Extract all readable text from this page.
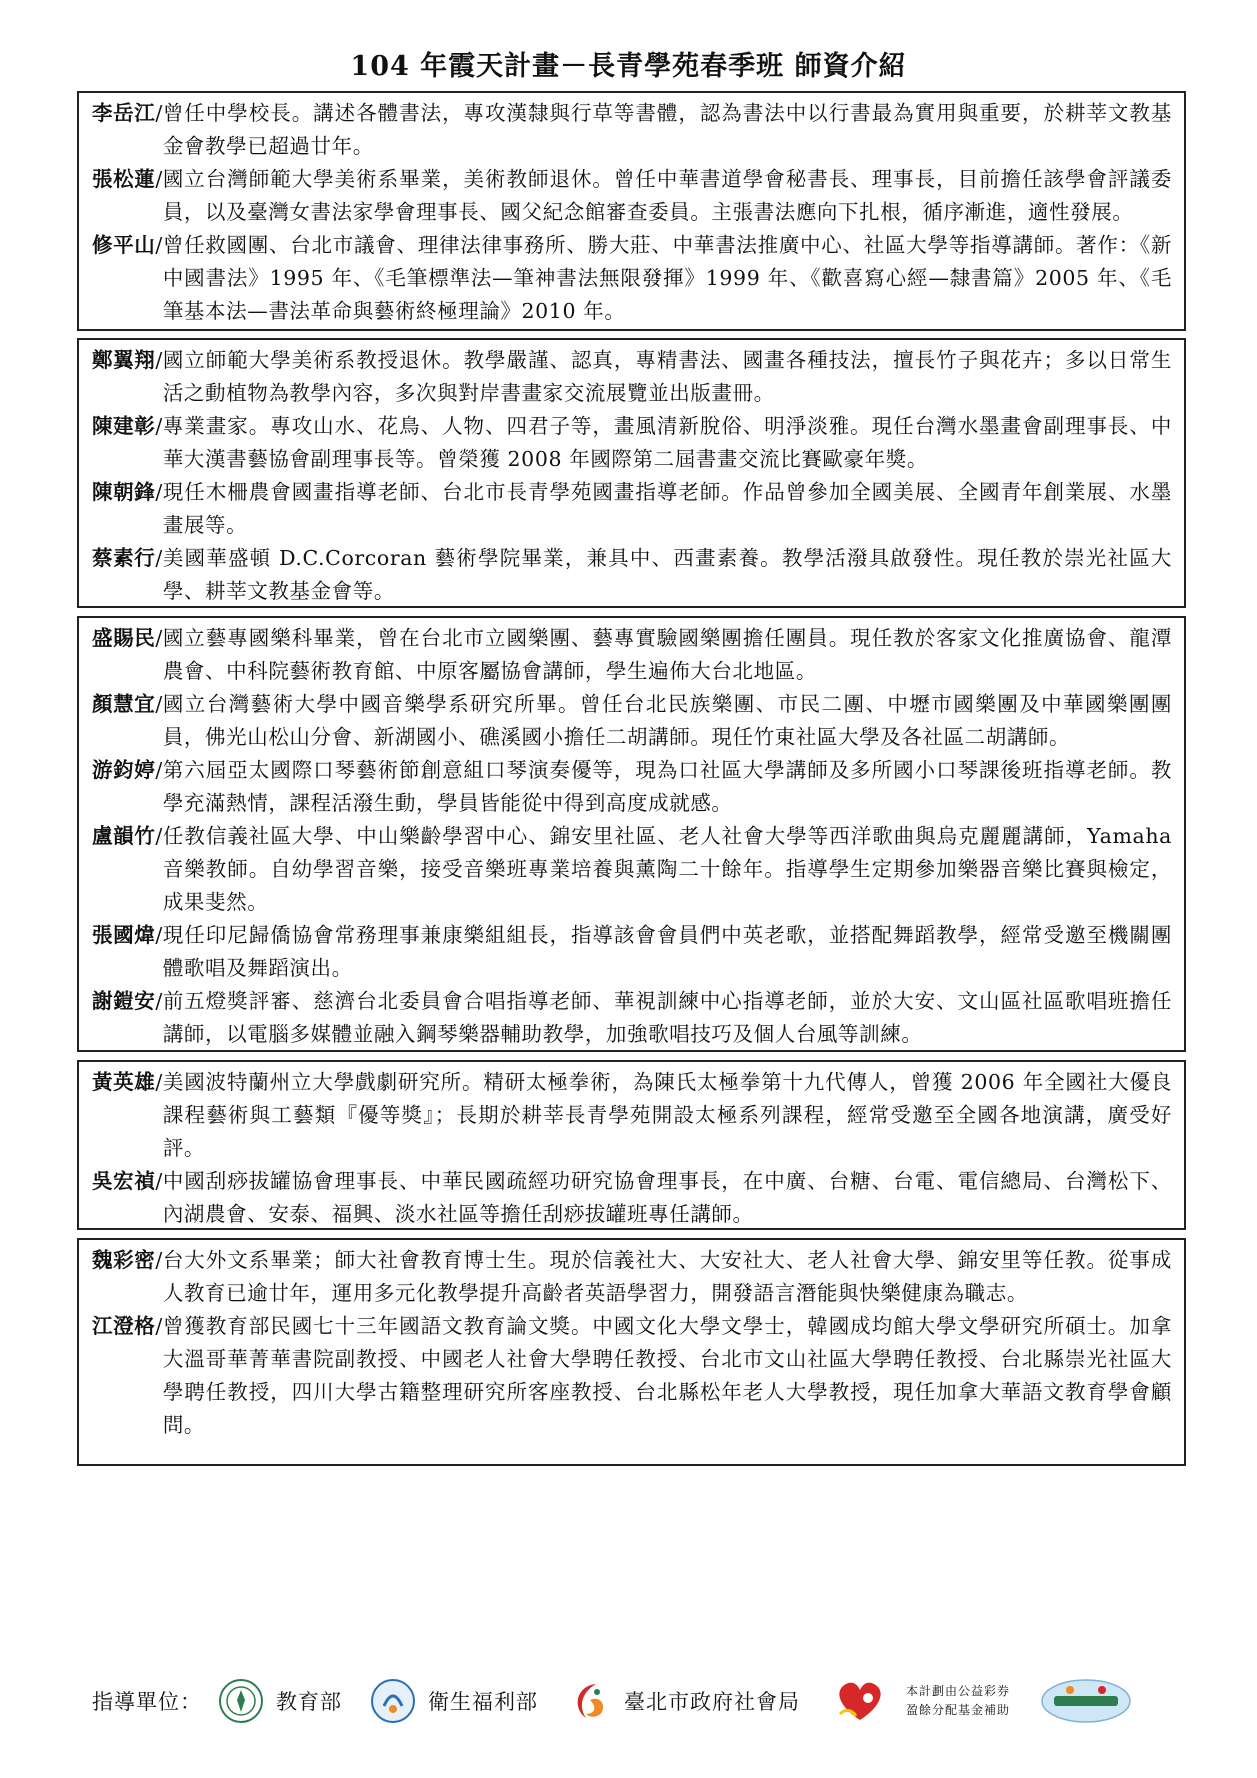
104 年霞天計畫－長青學苑春季班 師資介紹
李岳江 / 曾任中學校長。講述各體書法，專攻漢隸與行草等書體，認為書法中以行書最為實用與重要，於耕莘文教基金會教學已超過廿年。
張松蓮 / 國立台灣師範大學美術系畢業，美術教師退休。曾任中華書道學會秘書長、理事長，目前擔任該學會評議委員，以及臺灣女書法家學會理事長、國父紀念館審查委員。主張書法應向下扎根，循序漸進，適性發展。
修平山 / 曾任救國團、台北市議會、理律法律事務所、勝大莊、中華書法推廣中心、社區大學等指導講師。著作：《新中國書法》1995 年、《毛筆標準法—筆神書法無限發揮》1999 年、《歡喜寫心經—隸書篇》2005 年、《毛筆基本法—書法革命與藝術終極理論》2010 年。
鄭翼翔 / 國立師範大學美術系教授退休。教學嚴謹、認真，專精書法、國畫各種技法，擅長竹子與花卉；多以日常生活之動植物為教學內容，多次與對岸書畫家交流展覽並出版畫冊。
陳建彰 / 專業畫家。專攻山水、花鳥、人物、四君子等，畫風清新脫俗、明淨淡雅。現任台灣水墨畫會副理事長、中華大漢書藝協會副理事長等。曾榮獲 2008 年國際第二屆書畫交流比賽歐豪年獎。
陳朝鋒 / 現任木柵農會國畫指導老師、台北市長青學苑國畫指導老師。作品曾參加全國美展、全國青年創業展、水墨畫展等。
蔡素行 / 美國華盛頓 D.C.Corcoran 藝術學院畢業，兼具中、西畫素養。教學活潑具啟發性。現任教於崇光社區大學、耕莘文教基金會等。
盛賜民 / 國立藝專國樂科畢業，曾在台北市立國樂團、藝專實驗國樂團擔任團員。現任教於客家文化推廣協會、龍潭農會、中科院藝術教育館、中原客屬協會講師，學生遍佈大台北地區。
顏慧宜 / 國立台灣藝術大學中國音樂學系研究所畢。曾任台北民族樂團、市民二團、中壢市國樂團及中華國樂團團員，佛光山松山分會、新湖國小、礁溪國小擔任二胡講師。現任竹東社區大學及各社區二胡講師。
游鈞婷 / 第六屆亞太國際口琴藝術節創意組口琴演奏優等，現為口社區大學講師及多所國小口琴課後班指導老師。教學充滿熱情，課程活潑生動，學員皆能從中得到高度成就感。
盧韻竹 / 任教信義社區大學、中山樂齡學習中心、錦安里社區、老人社會大學等西洋歌曲與烏克麗麗講師，Yamaha 音樂教師。自幼學習音樂，接受音樂班專業培養與薰陶二十餘年。指導學生定期參加樂器音樂比賽與檢定，成果斐然。
張國煒 / 現任印尼歸僑協會常務理事兼康樂組組長，指導該會會員們中英老歌，並搭配舞蹈教學，經常受邀至機關團體歌唱及舞蹈演出。
謝鎧安 / 前五燈獎評審、慈濟台北委員會合唱指導老師、華視訓練中心指導老師，並於大安、文山區社區歌唱班擔任講師，以電腦多媒體並融入鋼琴樂器輔助教學，加強歌唱技巧及個人台風等訓練。
黃英雄 / 美國波特蘭州立大學戲劇研究所。精研太極拳術，為陳氏太極拳第十九代傳人，曾獲 2006 年全國社大優良課程藝術與工藝類『優等獎』；長期於耕莘長青學苑開設太極系列課程，經常受邀至全國各地演講，廣受好評。
吳宏禎 / 中國刮痧拔罐協會理事長、中華民國疏經功研究協會理事長，在中廣、台糖、台電、電信總局、台灣松下、內湖農會、安泰、福興、淡水社區等擔任刮痧拔罐班專任講師。
魏彩密 / 台大外文系畢業；師大社會教育博士生。現於信義社大、大安社大、老人社會大學、錦安里等任教。從事成人教育已逾廿年，運用多元化教學提升高齡者英語學習力，開發語言潛能與快樂健康為職志。
江澄格 / 曾獲教育部民國七十三年國語文教育論文獎。中國文化大學文學士，韓國成均館大學文學研究所碩士。加拿大溫哥華菁華書院副教授、中國老人社會大學聘任教授、台北市文山社區大學聘任教授、台北縣崇光社區大學聘任教授，四川大學古籍整理研究所客座教授、台北縣松年老人大學教授，現任加拿大華語文教育學會顧問。
指導單位：	教育部	衛生福利部	臺北市政府社會局	本計劃由公益彩券
盈餘分配基金補助
